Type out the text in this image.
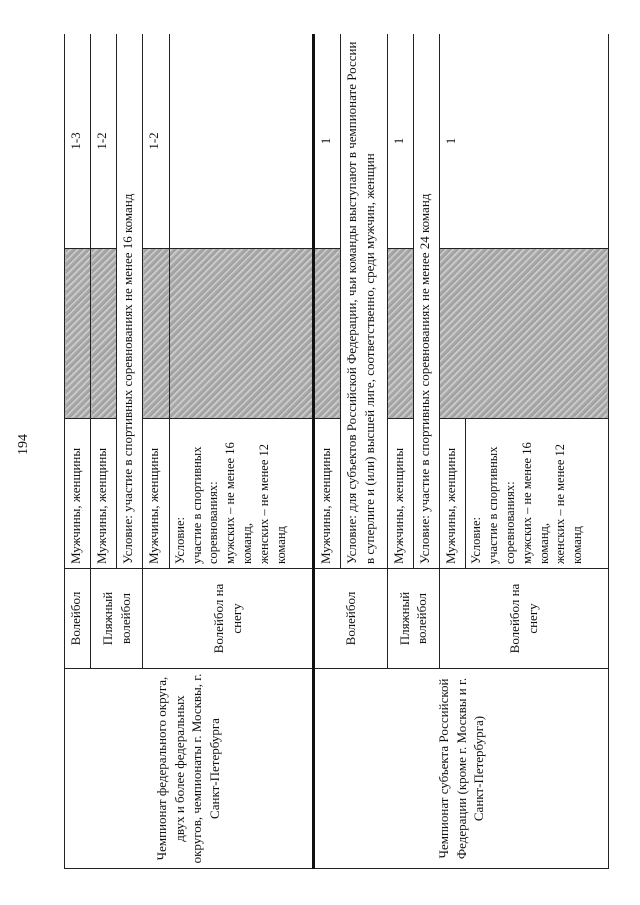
194
Чемпионат федерального округа, двух и более федеральных округов, чемпионаты г. Москвы, г. Санкт-Петербурга	Волейбол	Мужчины, женщины		1-3
	Пляжный волейбол	Мужчины, женщины		1-2
		Условие: участие в спортивных соревнованиях не менее 16 команд		
	Волейбол на снегу	Мужчины, женщины		1-2

		Условие: участие в спортивных соревнованиях: мужских – не менее 16 команд, женских – не менее 12 команд		

Чемпионат субъекта Российской Федерации (кроме г. Москвы и г. Санкт-Петербурга)	Волейбол	Мужчины, женщины		1
		Условие: для субъектов Российской Федерации, чьи команды выступают в чемпионате России в суперлиге и (или) высшей лиге, соответственно, среди мужчин, женщин		
	Пляжный волейбол	Мужчины, женщины		1
		Условие: участие в спортивных соревнованиях не менее 24 команд		
	Волейбол на снегу	Мужчины, женщины		1

		Условие: участие в спортивных соревнованиях: мужских – не менее 16 команд, женских – не менее 12 команд		
